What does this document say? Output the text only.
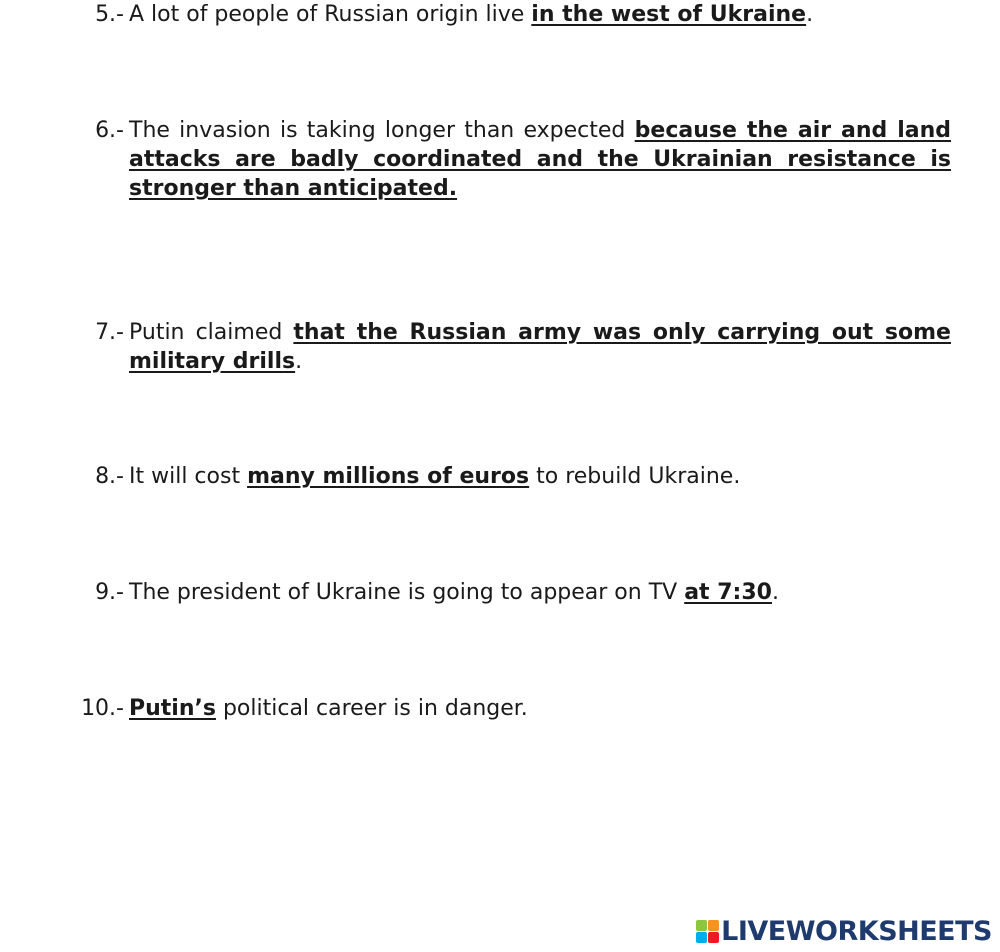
5.- A lot of people of Russian origin live in the west of Ukraine.
6.- The invasion is taking longer than expected because the air and land attacks are badly coordinated and the Ukrainian resistance is stronger than anticipated.
7.- Putin claimed that the Russian army was only carrying out some military drills.
8.- It will cost many millions of euros to rebuild Ukraine.
9.- The president of Ukraine is going to appear on TV at 7:30.
10.- Putin’s political career is in danger.
LIVEWORKSHEETS
